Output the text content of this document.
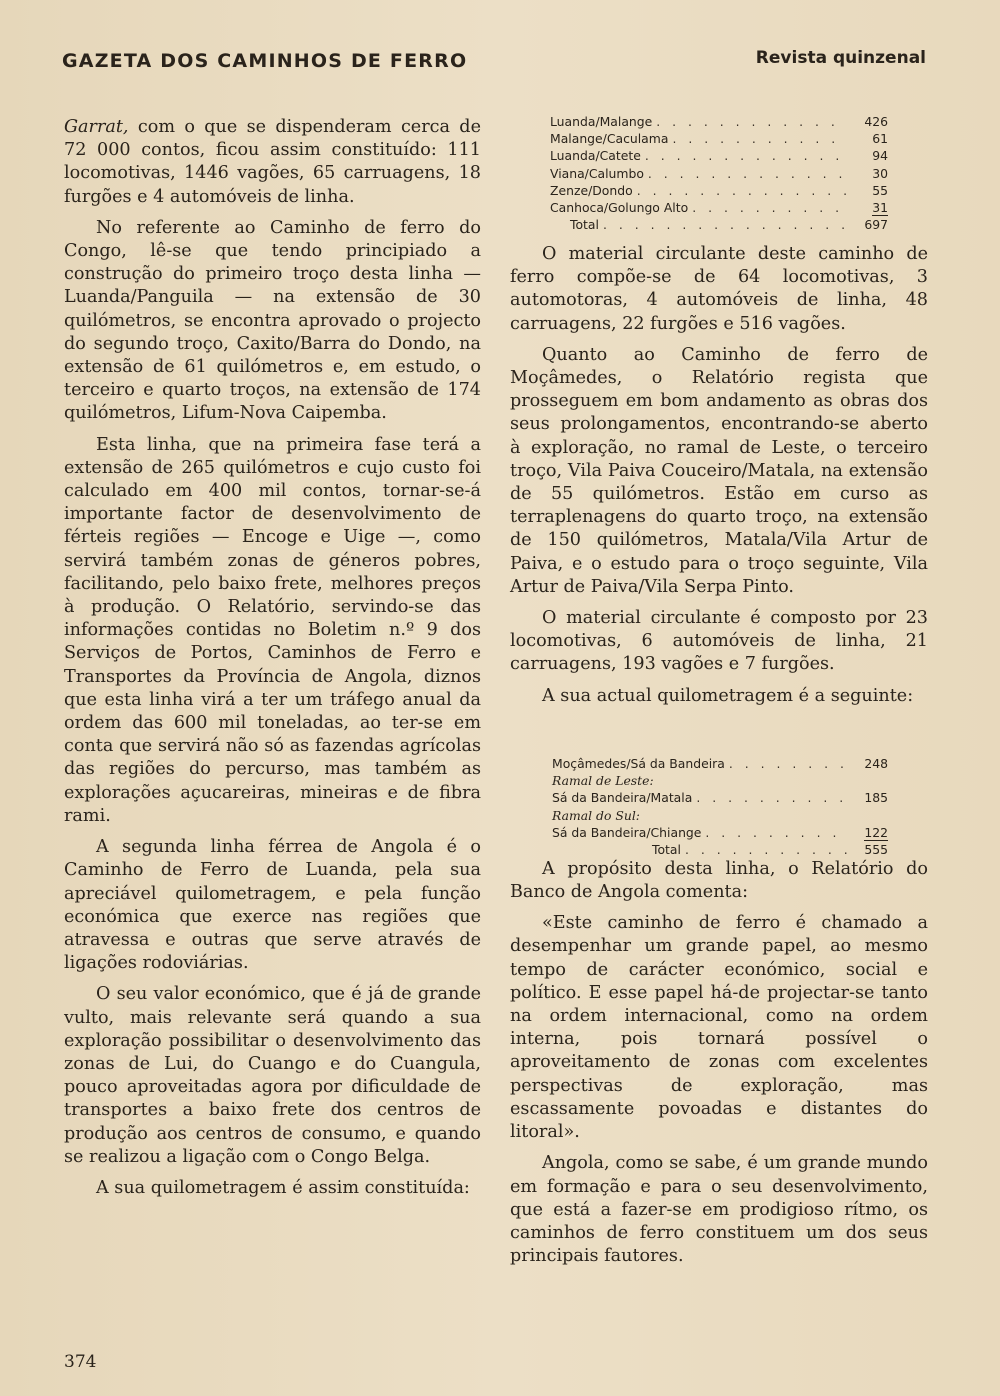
GAZETA DOS CAMINHOS DE FERRO	Revista quinzenal

Garrat, com o que se dispenderam cerca de 72 000 contos, ficou assim constituído: 111 locomotivas, 1446 vagões, 65 carruagens, 18 furgões e 4 automóveis de linha.

No referente ao Caminho de ferro do Congo, lê-se que tendo principiado a construção do primeiro troço desta linha — Luanda/Panguila — na extensão de 30 quilómetros, se encontra aprovado o projecto do segundo troço, Caxito/Barra do Dondo, na extensão de 61 quilómetros e, em estudo, o terceiro e quarto troços, na extensão de 174 quilómetros, Lifum-Nova Caipemba.

Esta linha, que na primeira fase terá a extensão de 265 quilómetros e cujo custo foi calculado em 400 mil contos, tornar-se-á importante factor de desenvolvimento de férteis regiões — Encoge e Uige —, como servirá também zonas de géneros pobres, facilitando, pelo baixo frete, melhores preços à produção. O Relatório, servindo-se das informações contidas no Boletim n.º 9 dos Serviços de Portos, Caminhos de Ferro e Transportes da Província de Angola, diznos que esta linha virá a ter um tráfego anual da ordem das 600 mil toneladas, ao ter-se em conta que servirá não só as fazendas agrícolas das regiões do percurso, mas também as explorações açucareiras, mineiras e de fibra rami.

A segunda linha férrea de Angola é o Caminho de Ferro de Luanda, pela sua apreciável quilometragem, e pela função económica que exerce nas regiões que atravessa e outras que serve através de ligações rodoviárias.

O seu valor económico, que é já de grande vulto, mais relevante será quando a sua exploração possibilitar o desenvolvimento das zonas de Lui, do Cuango e do Cuangula, pouco aproveitadas agora por dificuldade de transportes a baixo frete dos centros de produção aos centros de consumo, e quando se realizou a ligação com o Congo Belga.

A sua quilometragem é assim constituída:

Luanda/Malange . . .	426
Malange/Caculama . . .	61
Luanda/Catete . . .	94
Viana/Calumbo . . .	30
Zenze/Dondo . . .	55
Canhoca/Golungo Alto . . .	31
Total . . .	697

O material circulante deste caminho de ferro compõe-se de 64 locomotivas, 3 automotoras, 4 automóveis de linha, 48 carruagens, 22 furgões e 516 vagões.

Quanto ao Caminho de ferro de Moçâmedes, o Relatório regista que prosseguem em bom andamento as obras dos seus prolongamentos, encontrando-se aberto à exploração, no ramal de Leste, o terceiro troço, Vila Paiva Couceiro/Matala, na extensão de 55 quilómetros. Estão em curso as terraplenagens do quarto troço, na extensão de 150 quilómetros, Matala/Vila Artur de Paiva, e o estudo para o troço seguinte, Vila Artur de Paiva/Vila Serpa Pinto.

O material circulante é composto por 23 locomotivas, 6 automóveis de linha, 21 carruagens, 193 vagões e 7 furgões.

A sua actual quilometragem é a seguinte:

A propósito desta linha, o Relatório do Banco de Angola comenta:

«Este caminho de ferro é chamado a desempenhar um grande papel, ao mesmo tempo de carácter económico, social e político. E esse papel há-de projectar-se tanto na ordem internacional, como na ordem interna, pois tornará possível o aproveitamento de zonas com excelentes perspectivas de exploração, mas escassamente povoadas e distantes do litoral».

Angola, como se sabe, é um grande mundo em formação e para o seu desenvolvimento, que está a fazer-se em prodigioso rítmo, os caminhos de ferro constituem um dos seus principais fautores.

Moçâmedes/Sá da Bandeira . . .	248
Ramal de Leste:
Sá da Bandeira/Matala . . .	185
Ramal do Sul:
Sá da Bandeira/Chiange . . .	122
Total . . .	555
374
